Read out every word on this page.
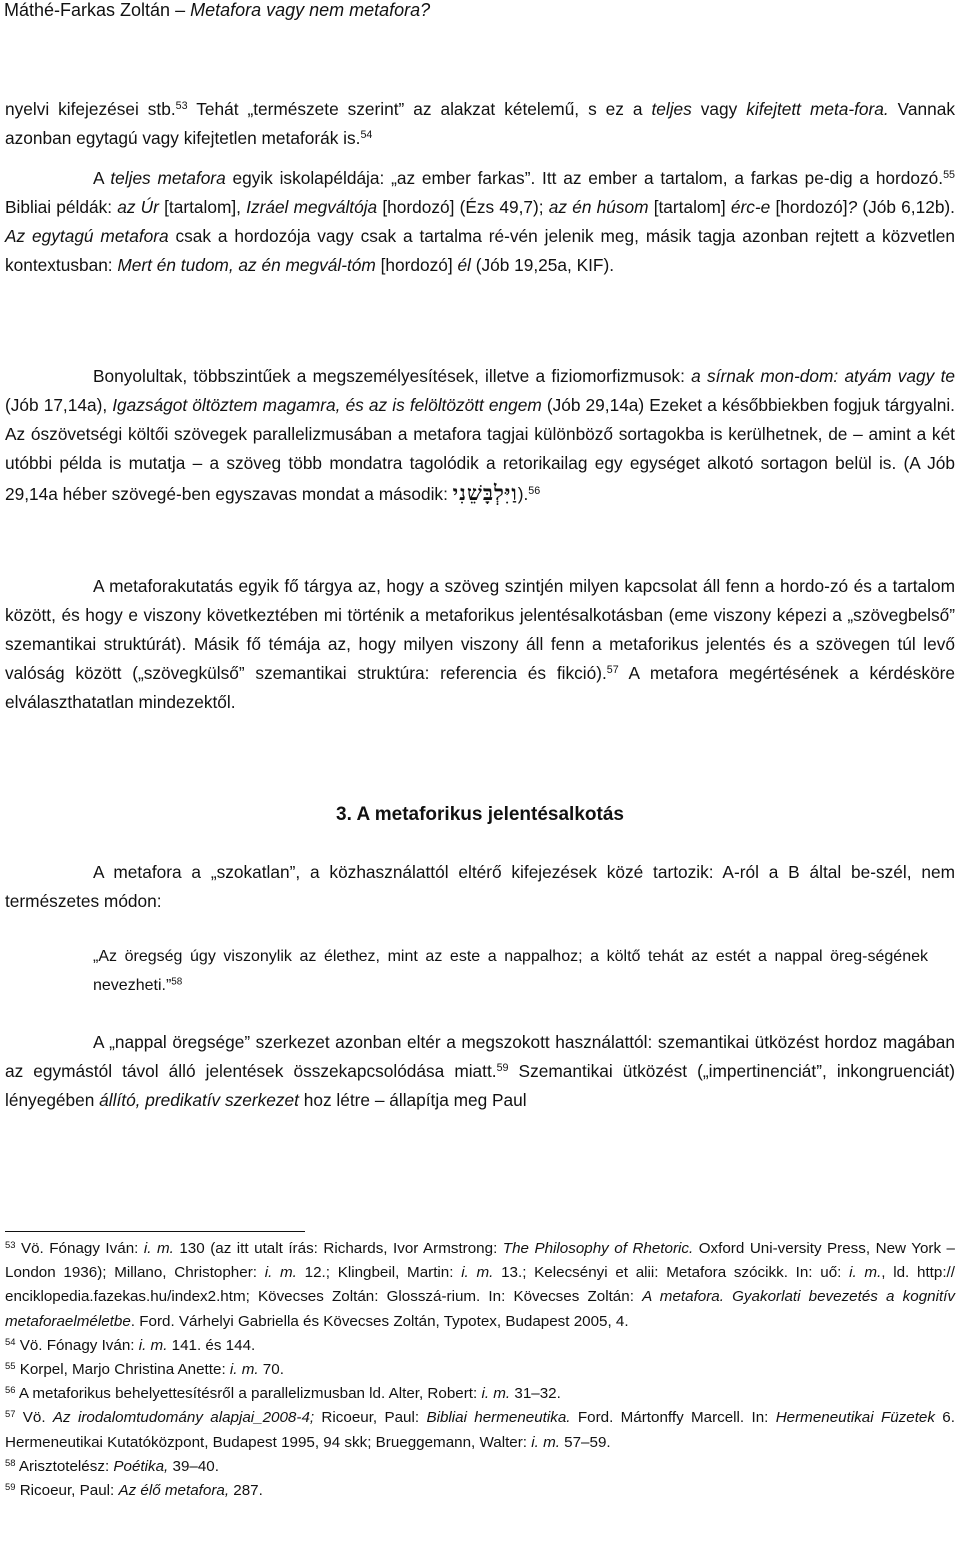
Máthé-Farkas Zoltán – Metafora vagy nem metafora?

nyelvi kifejezései stb.$^{53}$ Tehát „természete szerint” az alakzat kételemű, s ez a teljes vagy kifejtett meta-fora. Vannak azonban egytagú vagy kifejtetlen metaforák is.$^{54}$

A teljes metafora egyik iskolapéldája: „az ember farkas”. Itt az ember a tartalom, a farkas pe-dig a hordozó.$^{55}$ Bibliai példák: az Úr [tartalom], Izráel megváltója [hordozó] (Ézs 49,7); az én húsom [tartalom] érc-e [hordozó]? (Jób 6,12b). Az egytagú metafora csak a hordozója vagy csak a tartalma ré-vén jelenik meg, másik tagja azonban rejtett a közvetlen kontextusban: Mert én tudom, az én megvál-tóm [hordozó] él (Jób 19,25a, KIF).

Bonyolultak, többszintűek a megszemélyesítések, illetve a fiziomorfizmusok: a sírnak mon-dom: atyám vagy te (Jób 17,14a), Igazságot öltöztem magamra, és az is felöltözött engem (Jób 29,14a) Ezeket a későbbiekben fogjuk tárgyalni. Az ószövetségi költői szövegek parallelizmusában a metafora tagjai különböző sortagokba is kerülhetnek, de – amint a két utóbbi példa is mutatja – a szöveg több mondatra tagolódik a retorikailag egy egységet alkotó sortagon belül is. (A Jób 29,14a héber szövegé-ben egyszavas mondat a második: וַיִּלְבָּשֵׁנִי).$^{56}$

A metaforakutatás egyik fő tárgya az, hogy a szöveg szintjén milyen kapcsolat áll fenn a hordo-zó és a tartalom között, és hogy e viszony következtében mi történik a metaforikus jelentésalkotásban (eme viszony képezi a „szövegbelső” szemantikai struktúrát). Másik fő témája az, hogy milyen viszony áll fenn a metaforikus jelentés és a szövegen túl levő valóság között („szövegkülső” szemantikai struktúra: referencia és fikció).$^{57}$ A metafora megértésének a kérdésköre elválaszthatatlan mindezektől.

3. A metaforikus jelentésalkotás

A metafora a „szokatlan”, a közhasználattól eltérő kifejezések közé tartozik: A-ról a B által be-szél, nem természetes módon:

„Az öregség úgy viszonylik az élethez, mint az este a nappalhoz; a költő tehát az estét a nappal öreg-ségének nevezheti.”$^{58}$

A „nappal öregsége” szerkezet azonban eltér a megszokott használattól: szemantikai ütközést hordoz magában az egymástól távol álló jelentések összekapcsolódása miatt.$^{59}$ Szemantikai ütközést („impertinenciát”, inkongruenciát) lényegében állító, predikatív szerkezet hoz létre – állapítja meg Paul

$^{53}$ Vö. Fónagy Iván: i. m. 130 (az itt utalt írás: Richards, Ivor Armstrong: The Philosophy of Rhetoric. Oxford Uni-versity Press, New York – London 1936); Millano, Christopher: i. m. 12.; Klingbeil, Martin: i. m. 13.; Kelecsényi et alii: Metafora szócikk. In: uő: i. m., ld. http:// enciklopedia.fazekas.hu/index2.htm; Kövecses Zoltán: Glosszá-rium. In: Kövecses Zoltán: A metafora. Gyakorlati bevezetés a kognitív metaforaelméletbe. Ford. Várhelyi Gabriella és Kövecses Zoltán, Typotex, Budapest 2005, 4.

$^{54}$ Vö. Fónagy Iván: i. m. 141. és 144.

$^{55}$ Korpel, Marjo Christina Anette: i. m. 70.

$^{56}$ A metaforikus behelyettesítésről a parallelizmusban ld. Alter, Robert: i. m. 31–32.

$^{57}$ Vö. Az irodalomtudomány alapjai_2008-4; Ricoeur, Paul: Bibliai hermeneutika. Ford. Mártonffy Marcell. In: Hermeneutikai Füzetek 6. Hermeneutikai Kutatóközpont, Budapest 1995, 94 skk; Brueggemann, Walter: i. m. 57–59.

$^{58}$ Arisztotelész: Poétika, 39–40.

$^{59}$ Ricoeur, Paul: Az élő metafora, 287.
